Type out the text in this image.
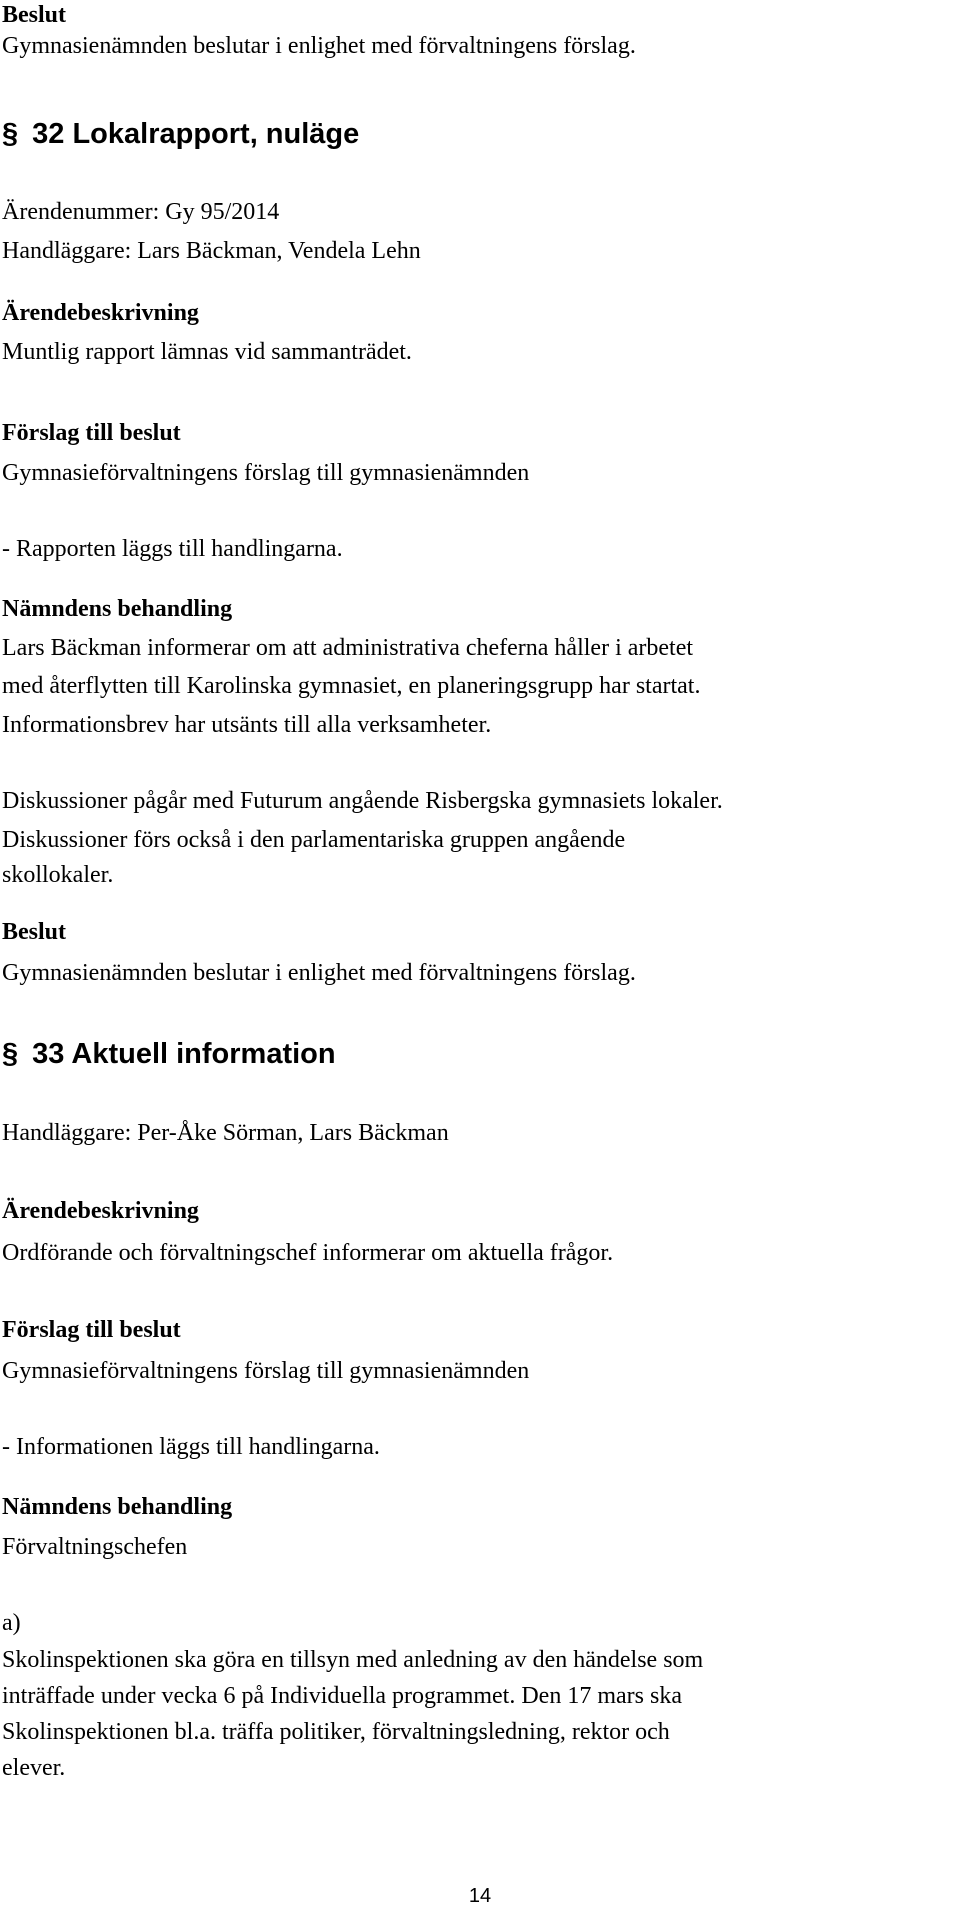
Beslut
Gymnasienämnden beslutar i enlighet med förvaltningens förslag.
§ 32 Lokalrapport, nuläge
Ärendenummer: Gy 95/2014
Handläggare: Lars Bäckman, Vendela Lehn
Ärendebeskrivning
Muntlig rapport lämnas vid sammanträdet.
Förslag till beslut
Gymnasieförvaltningens förslag till gymnasienämnden
- Rapporten läggs till handlingarna.
Nämndens behandling
Lars Bäckman informerar om att administrativa cheferna håller i arbetet
med återflytten till Karolinska gymnasiet, en planeringsgrupp har startat.
Informationsbrev har utsänts till alla verksamheter.
Diskussioner pågår med Futurum angående Risbergska gymnasiets lokaler.
Diskussioner förs också i den parlamentariska gruppen angående
skollokaler.
Beslut
Gymnasienämnden beslutar i enlighet med förvaltningens förslag.
§ 33 Aktuell information
Handläggare: Per-Åke Sörman, Lars Bäckman
Ärendebeskrivning
Ordförande och förvaltningschef informerar om aktuella frågor.
Förslag till beslut
Gymnasieförvaltningens förslag till gymnasienämnden
- Informationen läggs till handlingarna.
Nämndens behandling
Förvaltningschefen
a)
Skolinspektionen ska göra en tillsyn med anledning av den händelse som
inträffade under vecka 6 på Individuella programmet. Den 17 mars ska
Skolinspektionen bl.a. träffa politiker, förvaltningsledning, rektor och
elever.
14
